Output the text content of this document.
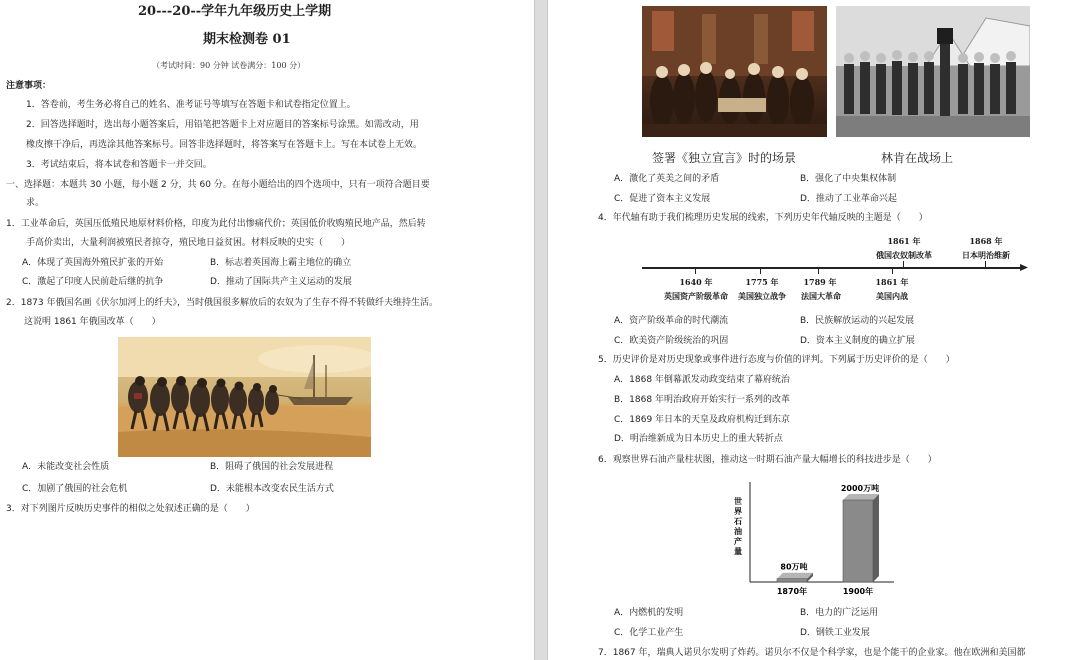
20---20--学年九年级历史上学期
期末检测卷 01
（考试时间：90 分钟 试卷满分：100 分）
注意事项：
1．答卷前，考生务必将自己的姓名、准考证号等填写在答题卡和试卷指定位置上。
2．回答选择题时，选出每小题答案后，用铅笔把答题卡上对应题目的答案标号涂黑。如需改动，用
橡皮擦干净后，再选涂其他答案标号。回答非选择题时，将答案写在答题卡上。写在本试卷上无效。
3．考试结束后，将本试卷和答题卡一并交回。
一、选择题：本题共 30 小题，每小题 2 分，共 60 分。在每小题给出的四个选项中，只有一项符合题目要
求。
1．工业革命后，英国压低殖民地原材料价格，印度为此付出惨痛代价；英国低价收购殖民地产品，然后转
手高价卖出，大量利润被殖民者掠夺，殖民地日益贫困。材料反映的史实（　　）
A．体现了英国海外殖民扩张的开始	B．标志着英国海上霸主地位的确立
C．激起了印度人民前赴后继的抗争	D．推动了国际共产主义运动的发展
2．1873 年俄国名画《伏尔加河上的纤夫》，当时俄国很多解放后的农奴为了生存不得不转做纤夫维持生活。
这说明 1861 年俄国改革（　　）
A．未能改变社会性质	B．阻碍了俄国的社会发展进程
C．加剧了俄国的社会危机	D．未能根本改变农民生活方式
3．对下列图片反映历史事件的相似之处叙述正确的是（　　）
签署《独立宣言》时的场景	林肯在战场上
A．激化了英美之间的矛盾	B．强化了中央集权体制
C．促进了资本主义发展	D．推动了工业革命兴起
4．年代轴有助于我们梳理历史发展的线索，下列历史年代轴反映的主题是（　　）
1861 年
俄国农奴制改革
1868 年
日本明治维新
1640 年
英国资产阶级革命
1775 年
美国独立战争
1789 年
法国大革命
1861 年
美国内战
A．资产阶级革命的时代潮流	B．民族解放运动的兴起发展
C．欧美资产阶级统治的巩固	D．资本主义制度的确立扩展
5．历史评价是对历史现象或事件进行态度与价值的评判。下列属于历史评价的是（　　）
A．1868 年倒幕派发动政变结束了幕府统治
B．1868 年明治政府开始实行一系列的改革
C．1869 年日本的天皇及政府机构迁到东京
D．明治维新成为日本历史上的重大转折点
6．观察世界石油产量柱状图，推动这一时期石油产量大幅增长的科技进步是（　　）
世界石油产量
80万吨
1870年
2000万吨
1900年
A．内燃机的发明	B．电力的广泛运用
C．化学工业产生	D．钢铁工业发展
7．1867 年，瑞典人诺贝尔发明了炸药。诺贝尔不仅是个科学家，也是个能干的企业家。他在欧洲和美国都
